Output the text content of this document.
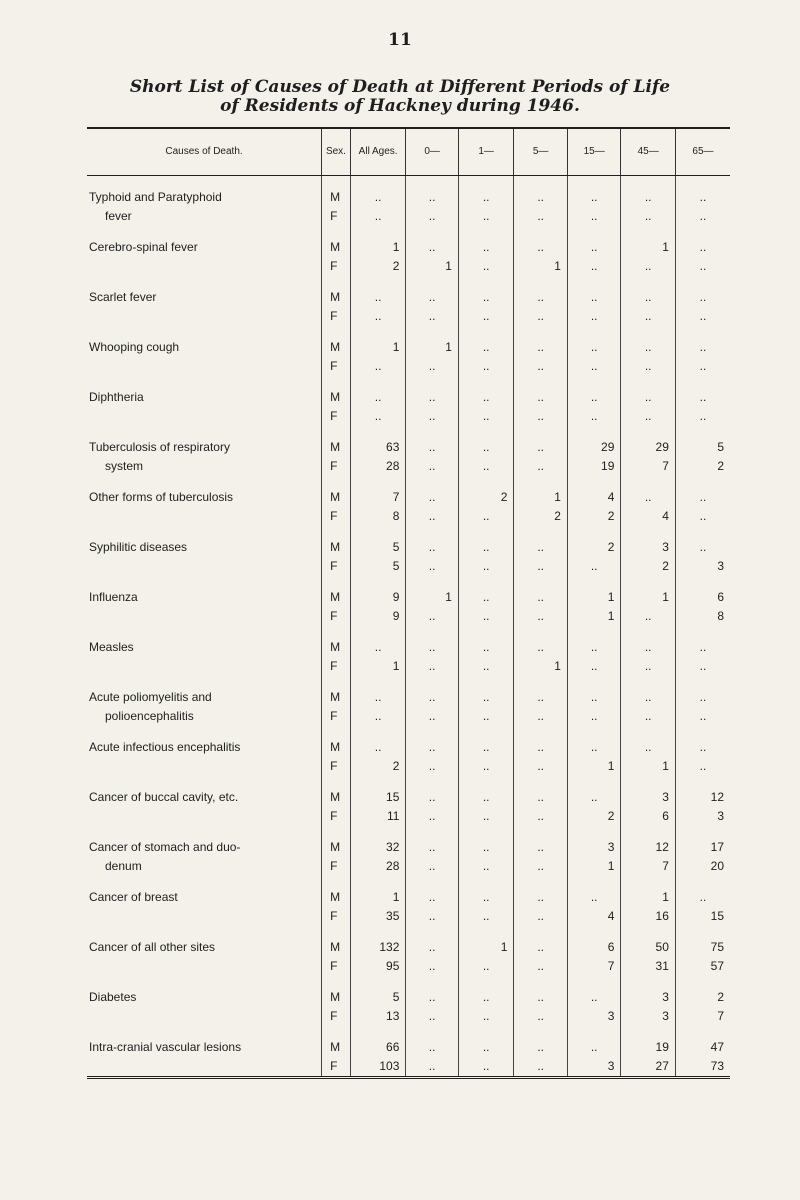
11
Short List of Causes of Death at Different Periods of Life
of Residents of Hackney during 1946.
Causes of Death.	Sex.	All Ages.	0—	1—	5—	15—	45—	65—

Typhoid and Paratyphoid	M	..	..	..	..	..	..	..

fever	F	..	..	..	..	..	..	..

Cerebro-spinal fever	M	1	..	..	..	..	1	..
	F	2	1	..	1	..	..	..

Scarlet fever	M	..	..	..	..	..	..	..
	F	..	..	..	..	..	..	..

Whooping cough	M	1	1	..	..	..	..	..
	F	..	..	..	..	..	..	..

Diphtheria	M	..	..	..	..	..	..	..
	F	..	..	..	..	..	..	..

Tuberculosis of respiratory	M	63	..	..	..	29	29	5

system	F	28	..	..	..	19	7	2

Other forms of tuberculosis	M	7	..	2	1	4	..	..
	F	8	..	..	2	2	4	..

Syphilitic diseases	M	5	..	..	..	2	3	..
	F	5	..	..	..	..	2	3

Influenza	M	9	1	..	..	1	1	6
	F	9	..	..	..	1	..	8

Measles	M	..	..	..	..	..	..	..
	F	1	..	..	1	..	..	..

Acute poliomyelitis and	M	..	..	..	..	..	..	..

polioencephalitis	F	..	..	..	..	..	..	..

Acute infectious encephalitis	M	..	..	..	..	..	..	..
	F	2	..	..	..	1	1	..

Cancer of buccal cavity, etc.	M	15	..	..	..	..	3	12
	F	11	..	..	..	2	6	3

Cancer of stomach and duo-	M	32	..	..	..	3	12	17

denum	F	28	..	..	..	1	7	20

Cancer of breast	M	1	..	..	..	..	1	..
	F	35	..	..	..	4	16	15

Cancer of all other sites	M	132	..	1	..	6	50	75
	F	95	..	..	..	7	31	57

Diabetes	M	5	..	..	..	..	3	2
	F	13	..	..	..	3	3	7

Intra-cranial vascular lesions	M	66	..	..	..	..	19	47
	F	103	..	..	..	3	27	73
